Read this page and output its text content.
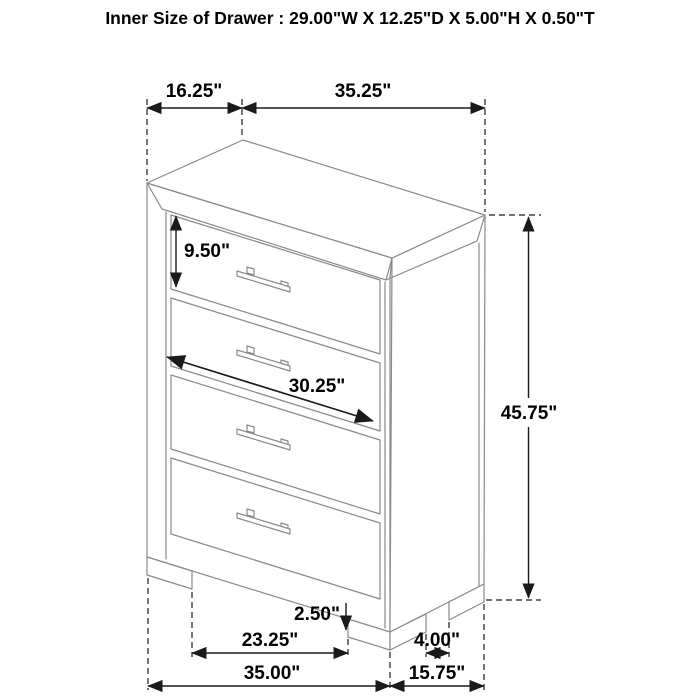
Inner Size of Drawer : 29.00"W X 12.25"D X 5.00"H X 0.50"T
16.25"	35.25"
45.75"
9.50"
30.25"
2.50"
23.25"
35.00"
4.00"
15.75"
